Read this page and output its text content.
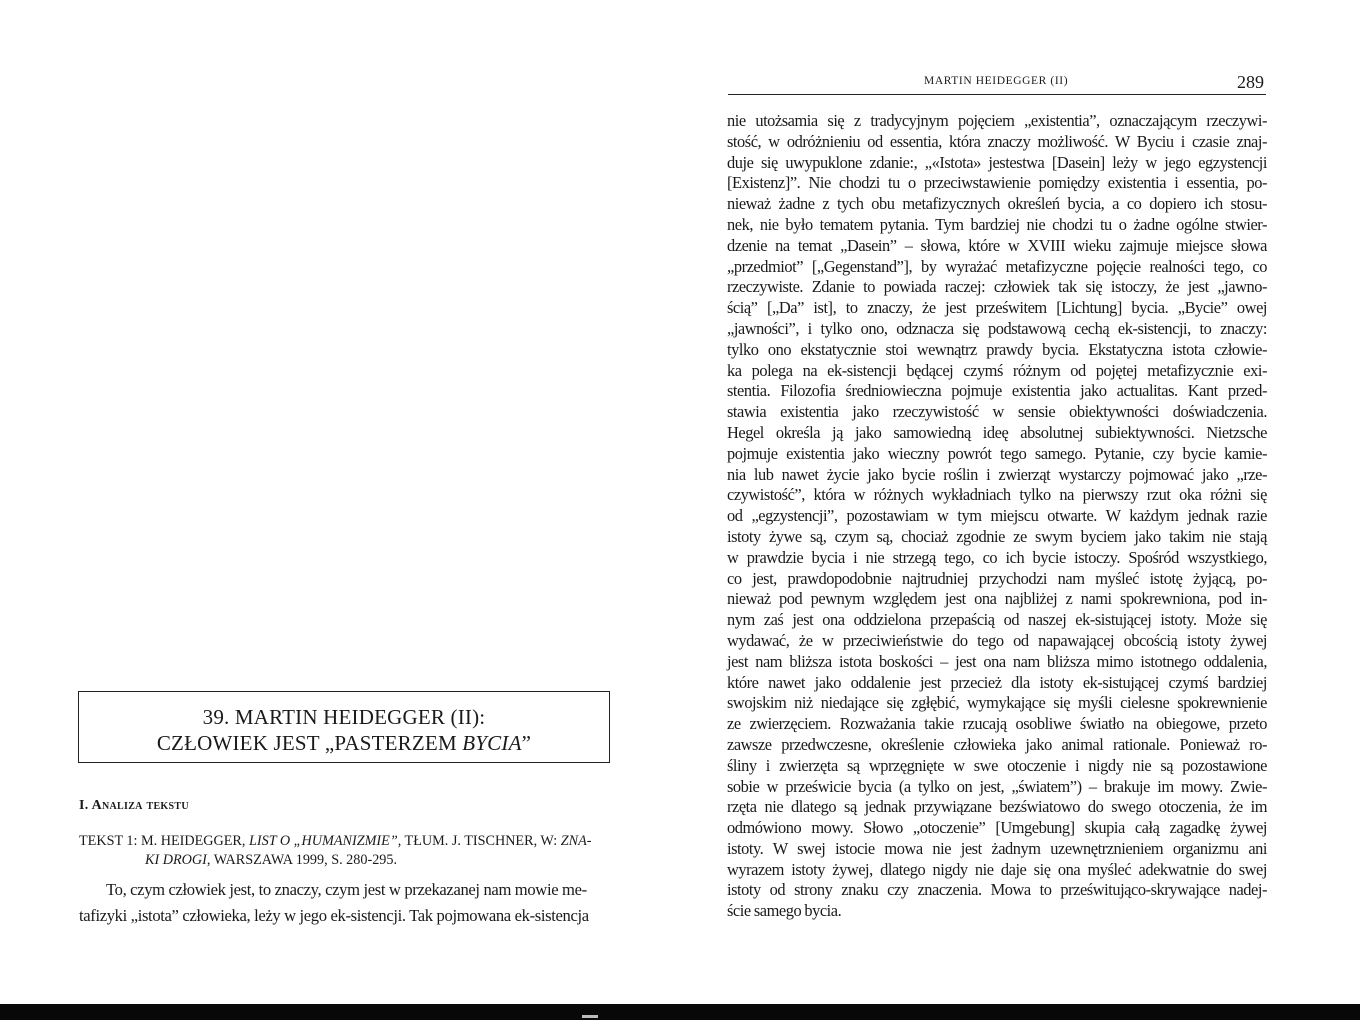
39. MARTIN HEIDEGGER (II):
CZŁOWIEK JEST „PASTERZEM BYCIA”
I. Analiza tekstu
TEKST 1: M. HEIDEGGER, LIST O „HUMANIZMIE”, TŁUM. J. TISCHNER, W: ZNA-
KI DROGI, WARSZAWA 1999, S. 280-295.
To, czym człowiek jest, to znaczy, czym jest w przekazanej nam mowie me-
tafizyki „istota” człowieka, leży w jego ek-sistencji. Tak pojmowana ek-sistencja
MARTIN HEIDEGGER (II)	289
nie utożsamia się z tradycyjnym pojęciem „existentia”, oznaczającym rzeczywi-
stość, w odróżnieniu od essentia, która znaczy możliwość. W Byciu i czasie znaj-
duje się uwypuklone zdanie:, „«Istota» jestestwa [Dasein] leży w jego egzystencji
[Existenz]”. Nie chodzi tu o przeciwstawienie pomiędzy existentia i essentia, po-
nieważ żadne z tych obu metafizycznych określeń bycia, a co dopiero ich stosu-
nek, nie było tematem pytania. Tym bardziej nie chodzi tu o żadne ogólne stwier-
dzenie na temat „Dasein” – słowa, które w XVIII wieku zajmuje miejsce słowa
„przedmiot” [„Gegenstand”], by wyrażać metafizyczne pojęcie realności tego, co
rzeczywiste. Zdanie to powiada raczej: człowiek tak się istoczy, że jest „jawno-
ścią” [„Da” ist], to znaczy, że jest prześwitem [Lichtung] bycia. „Bycie” owej
„jawności”, i tylko ono, odznacza się podstawową cechą ek-sistencji, to znaczy:
tylko ono ekstatycznie stoi wewnątrz prawdy bycia. Ekstatyczna istota człowie-
ka polega na ek-sistencji będącej czymś różnym od pojętej metafizycznie exi-
stentia. Filozofia średniowieczna pojmuje existentia jako actualitas. Kant przed-
stawia existentia jako rzeczywistość w sensie obiektywności doświadczenia.
Hegel określa ją jako samowiedną ideę absolutnej subiektywności. Nietzsche
pojmuje existentia jako wieczny powrót tego samego. Pytanie, czy bycie kamie-
nia lub nawet życie jako bycie roślin i zwierząt wystarczy pojmować jako „rze-
czywistość”, która w różnych wykładniach tylko na pierwszy rzut oka różni się
od „egzystencji”, pozostawiam w tym miejscu otwarte. W każdym jednak razie
istoty żywe są, czym są, chociaż zgodnie ze swym byciem jako takim nie stają
w prawdzie bycia i nie strzegą tego, co ich bycie istoczy. Spośród wszystkiego,
co jest, prawdopodobnie najtrudniej przychodzi nam myśleć istotę żyjącą, po-
nieważ pod pewnym względem jest ona najbliżej z nami spokrewniona, pod in-
nym zaś jest ona oddzielona przepaścią od naszej ek-sistującej istoty. Może się
wydawać, że w przeciwieństwie do tego od napawającej obcością istoty żywej
jest nam bliższa istota boskości – jest ona nam bliższa mimo istotnego oddalenia,
które nawet jako oddalenie jest przecież dla istoty ek-sistującej czymś bardziej
swojskim niż niedające się zgłębić, wymykające się myśli cielesne spokrewnienie
ze zwierzęciem. Rozważania takie rzucają osobliwe światło na obiegowe, przeto
zawsze przedwczesne, określenie człowieka jako animal rationale. Ponieważ ro-
śliny i zwierzęta są wprzęgnięte w swe otoczenie i nigdy nie są pozostawione
sobie w prześwicie bycia (a tylko on jest, „światem”) – brakuje im mowy. Zwie-
rzęta nie dlatego są jednak przywiązane bezświatowo do swego otoczenia, że im
odmówiono mowy. Słowo „otoczenie” [Umgebung] skupia całą zagadkę żywej
istoty. W swej istocie mowa nie jest żadnym uzewnętrznieniem organizmu ani
wyrazem istoty żywej, dlatego nigdy nie daje się ona myśleć adekwatnie do swej
istoty od strony znaku czy znaczenia. Mowa to prześwitująco-skrywające nadej-
ście samego bycia.
